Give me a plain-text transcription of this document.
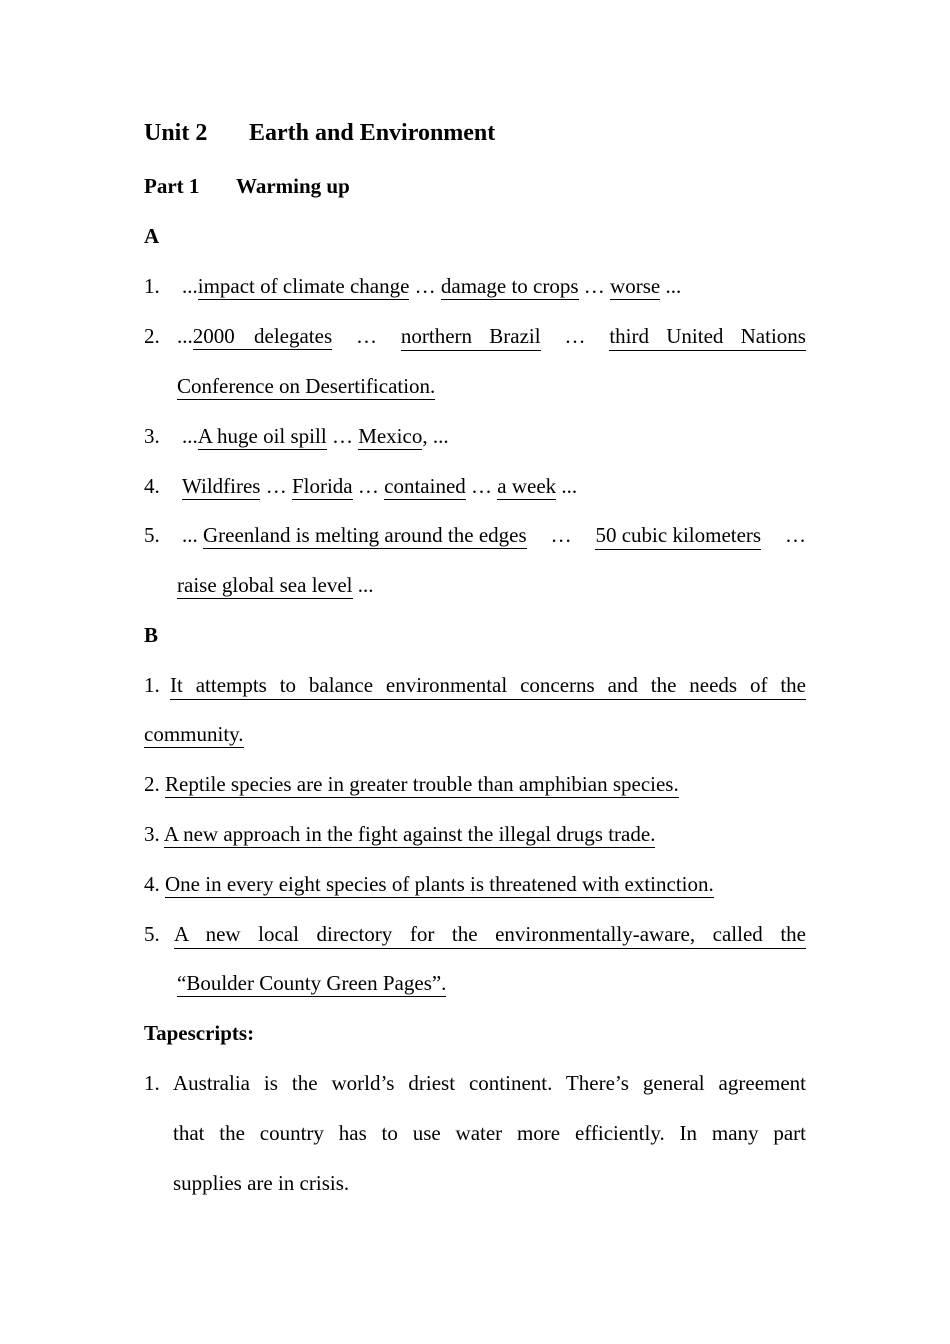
Unit 2 Earth and Environment
Part 1 Warming up
A
1. ...impact of climate change … damage to crops … worse ...
2. ...2000 delegates … northern Brazil … third United Nations
Conference on Desertification.
3. ...A huge oil spill … Mexico, ...
4. Wildfires … Florida … contained … a week ...
5. ... Greenland is melting around the edges … 50 cubic kilometers …
raise global sea level ...
B
1. It attempts to balance environmental concerns and the needs of the
community.
2. Reptile species are in greater trouble than amphibian species.
3. A new approach in the fight against the illegal drugs trade.
4. One in every eight species of plants is threatened with extinction.
5. A new local directory for the environmentally-aware, called the
“Boulder County Green Pages”.
Tapescripts:
1. Australia is the world’s driest continent. There’s general agreement
that the country has to use water more efficiently. In many part
supplies are in crisis.
